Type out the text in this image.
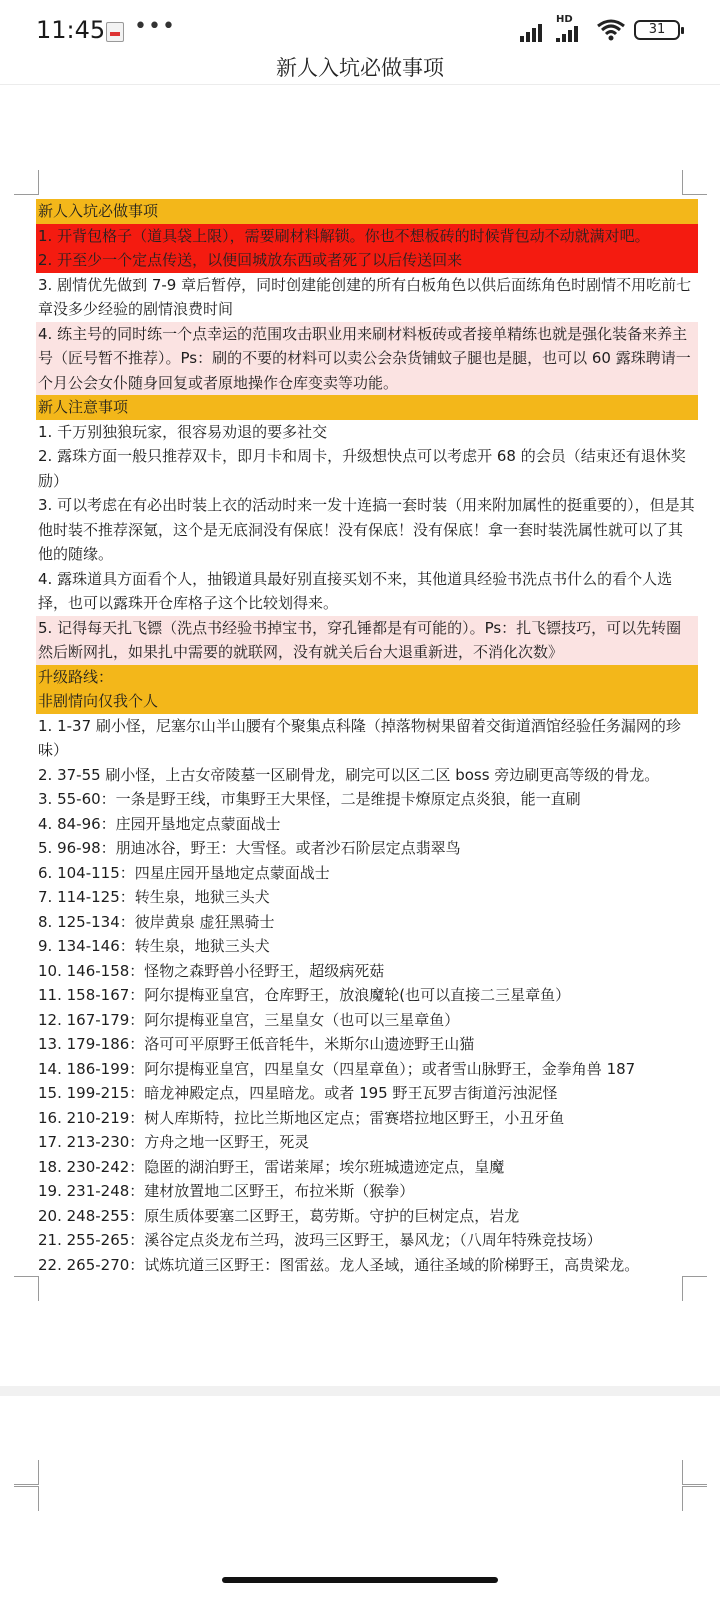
11:45 •••	HD
31
新人入坑必做事项

新人入坑必做事项

1. 开背包格子（道具袋上限），需要刷材料解锁。你也不想板砖的时候背包动不动就满对吧。

2. 开至少一个定点传送，以便回城放东西或者死了以后传送回来

3. 剧情优先做到 7-9 章后暂停，同时创建能创建的所有白板角色以供后面练角色时剧情不用吃前七章没多少经验的剧情浪费时间

4. 练主号的同时练一个点幸运的范围攻击职业用来刷材料板砖或者接单精练也就是强化装备来养主号（匠号暂不推荐）。Ps：刷的不要的材料可以卖公会杂货铺蚊子腿也是腿，也可以 60 露珠聘请一个月公会女仆随身回复或者原地操作仓库变卖等功能。

新人注意事项

1. 千万别独狼玩家，很容易劝退的要多社交

2. 露珠方面一般只推荐双卡，即月卡和周卡，升级想快点可以考虑开 68 的会员（结束还有退休奖励）

3. 可以考虑在有必出时装上衣的活动时来一发十连搞一套时装（用来附加属性的挺重要的），但是其他时装不推荐深氪，这个是无底洞没有保底！没有保底！没有保底！拿一套时装洗属性就可以了其他的随缘。

4. 露珠道具方面看个人，抽锻道具最好别直接买划不来，其他道具经验书洗点书什么的看个人选择，也可以露珠开仓库格子这个比较划得来。

5. 记得每天扎飞镖（洗点书经验书掉宝书，穿孔锤都是有可能的）。Ps：扎飞镖技巧，可以先转圈然后断网扎，如果扎中需要的就联网，没有就关后台大退重新进，不消化次数》

升级路线：

非剧情向仅我个人

1. 1-37 刷小怪，尼塞尔山半山腰有个聚集点科隆（掉落物树果留着交街道酒馆经验任务漏网的珍味）

2. 37-55 刷小怪，上古女帝陵墓一区刷骨龙，刷完可以区二区 boss 旁边刷更高等级的骨龙。

3. 55-60：一条是野王线，市集野王大果怪，二是维提卡燎原定点炎狼，能一直刷

4. 84-96：庄园开垦地定点蒙面战士

5. 96-98：朋迪冰谷，野王：大雪怪。或者沙石阶层定点翡翠鸟

6. 104-115：四星庄园开垦地定点蒙面战士

7. 114-125：转生泉，地狱三头犬

8. 125-134：彼岸黄泉 虚狂黑骑士

9. 134-146：转生泉，地狱三头犬

10. 146-158：怪物之森野兽小径野王，超级病死菇

11. 158-167：阿尔提梅亚皇宫，仓库野王，放浪魔轮(也可以直接二三星章鱼）

12. 167-179：阿尔提梅亚皇宫，三星皇女（也可以三星章鱼）

13. 179-186：洛可可平原野王低音牦牛，米斯尔山遗迹野王山猫

14. 186-199：阿尔提梅亚皇宫，四星皇女（四星章鱼）；或者雪山脉野王，金拳角兽 187

15. 199-215：暗龙神殿定点，四星暗龙。或者 195 野王瓦罗吉街道污浊泥怪

16. 210-219：树人库斯特，拉比兰斯地区定点；雷赛塔拉地区野王，小丑牙鱼

17. 213-230：方舟之地一区野王，死灵

18. 230-242：隐匿的湖泊野王，雷诺莱犀；埃尔班城遗迹定点，皇魔

19. 231-248：建材放置地二区野王，布拉米斯（猴拳）

20. 248-255：原生质体要塞二区野王，葛劳斯。守护的巨树定点，岩龙

21. 255-265：溪谷定点炎龙布兰玛，波玛三区野王，暴风龙；（八周年特殊竞技场）

22. 265-270：试炼坑道三区野王：图雷兹。龙人圣域，通往圣域的阶梯野王，高贵梁龙。
